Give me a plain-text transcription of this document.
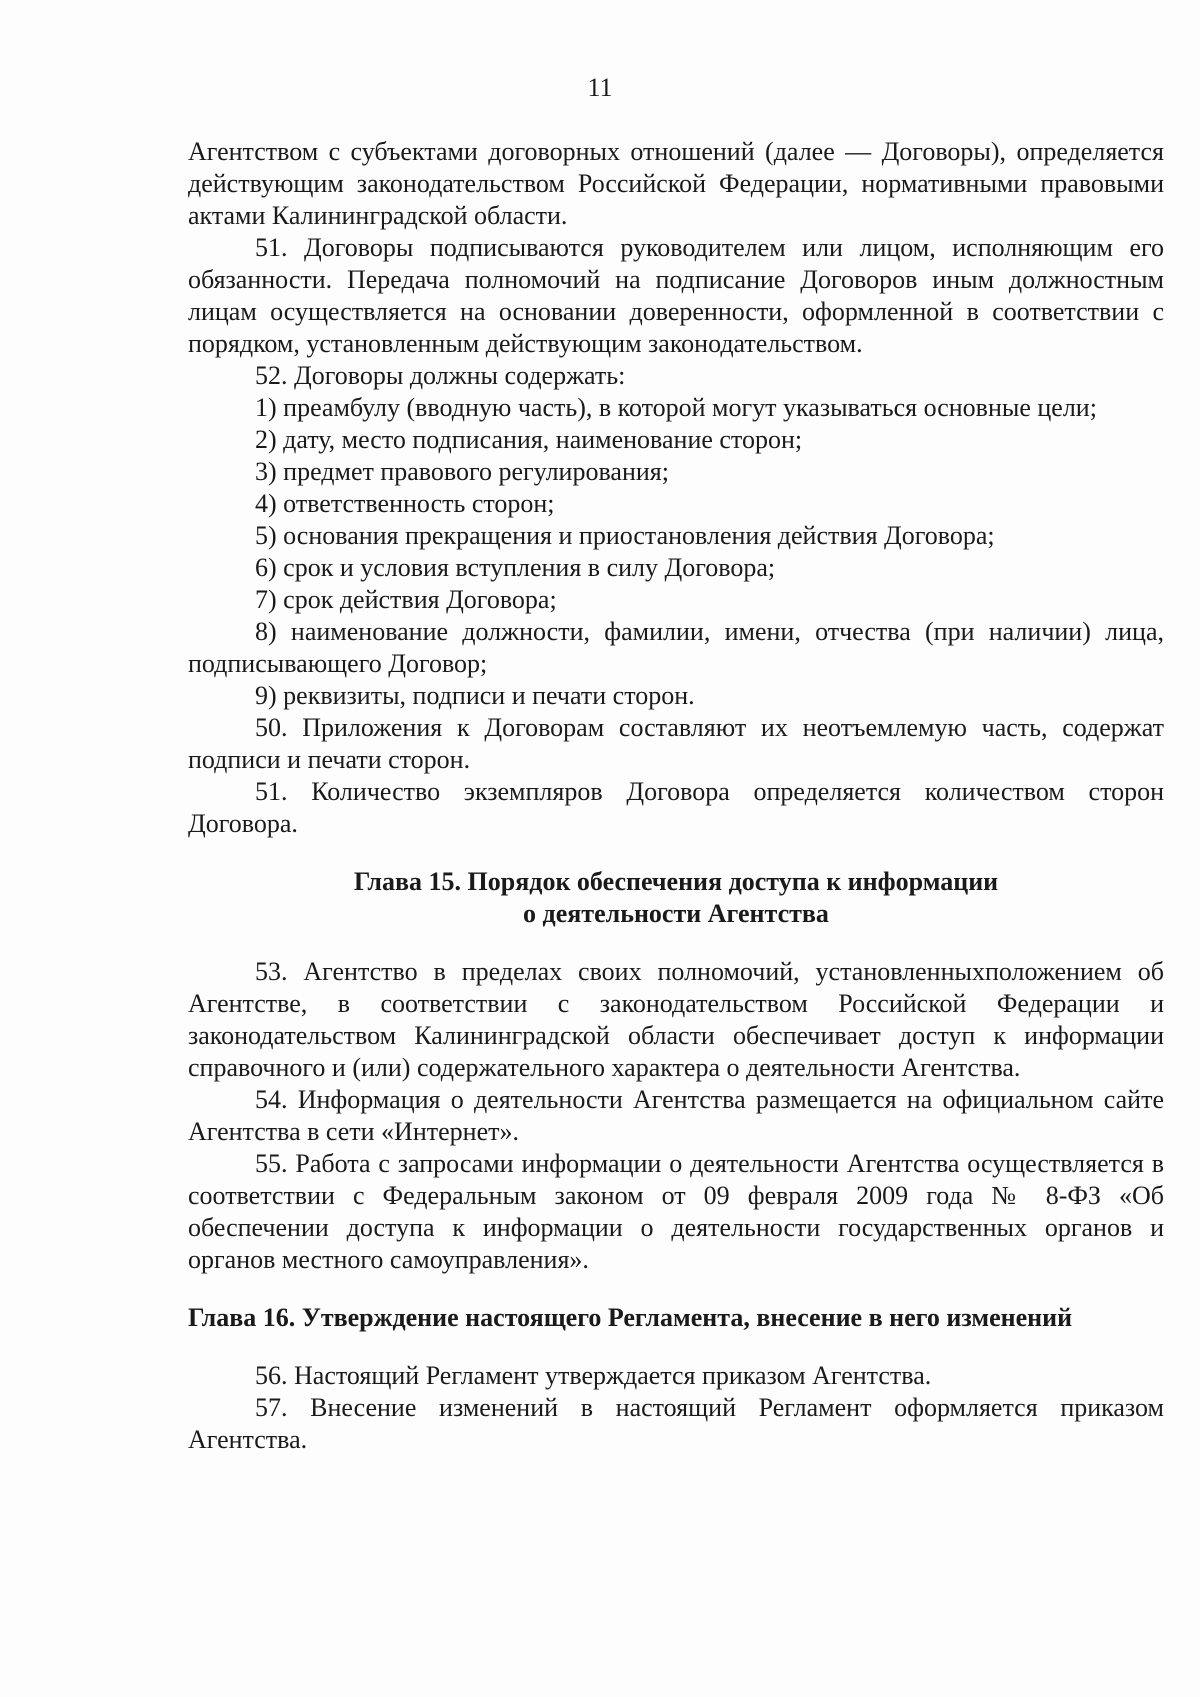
11

Агентством с субъектами договорных отношений (далее — Договоры), определяется действующим законодательством Российской Федерации, нормативными правовыми актами Калининградской области.

51. Договоры подписываются руководителем или лицом, исполняющим его обязанности. Передача полномочий на подписание Договоров иным должностным лицам осуществляется на основании доверенности, оформленной в соответствии с порядком, установленным действующим законодательством.

52. Договоры должны содержать:

1) преамбулу (вводную часть), в которой могут указываться основные цели;

2) дату, место подписания, наименование сторон;

3) предмет правового регулирования;

4) ответственность сторон;

5) основания прекращения и приостановления действия Договора;

6) срок и условия вступления в силу Договора;

7) срок действия Договора;

8) наименование должности, фамилии, имени, отчества (при наличии) лица, подписывающего Договор;

9) реквизиты, подписи и печати сторон.

50. Приложения к Договорам составляют их неотъемлемую часть, содержат подписи и печати сторон.

51. Количество экземпляров Договора определяется количеством сторон Договора.

Глава 15. Порядок обеспечения доступа к информации

о деятельности Агентства

53. Агентство в пределах своих полномочий, установленныхположением об Агентстве, в соответствии с законодательством Российской Федерации и законодательством Калининградской области обеспечивает доступ к информации справочного и (или) содержательного характера о деятельности Агентства.

54. Информация о деятельности Агентства размещается на официальном сайте Агентства в сети «Интернет».

55. Работа с запросами информации о деятельности Агентства осуществляется в соответствии с Федеральным законом от 09 февраля 2009 года № 8-ФЗ «Об обеспечении доступа к информации о деятельности государственных органов и органов местного самоуправления».

Глава 16. Утверждение настоящего Регламента, внесение в него изменений

56. Настоящий Регламент утверждается приказом Агентства.

57. Внесение изменений в настоящий Регламент оформляется приказом Агентства.
